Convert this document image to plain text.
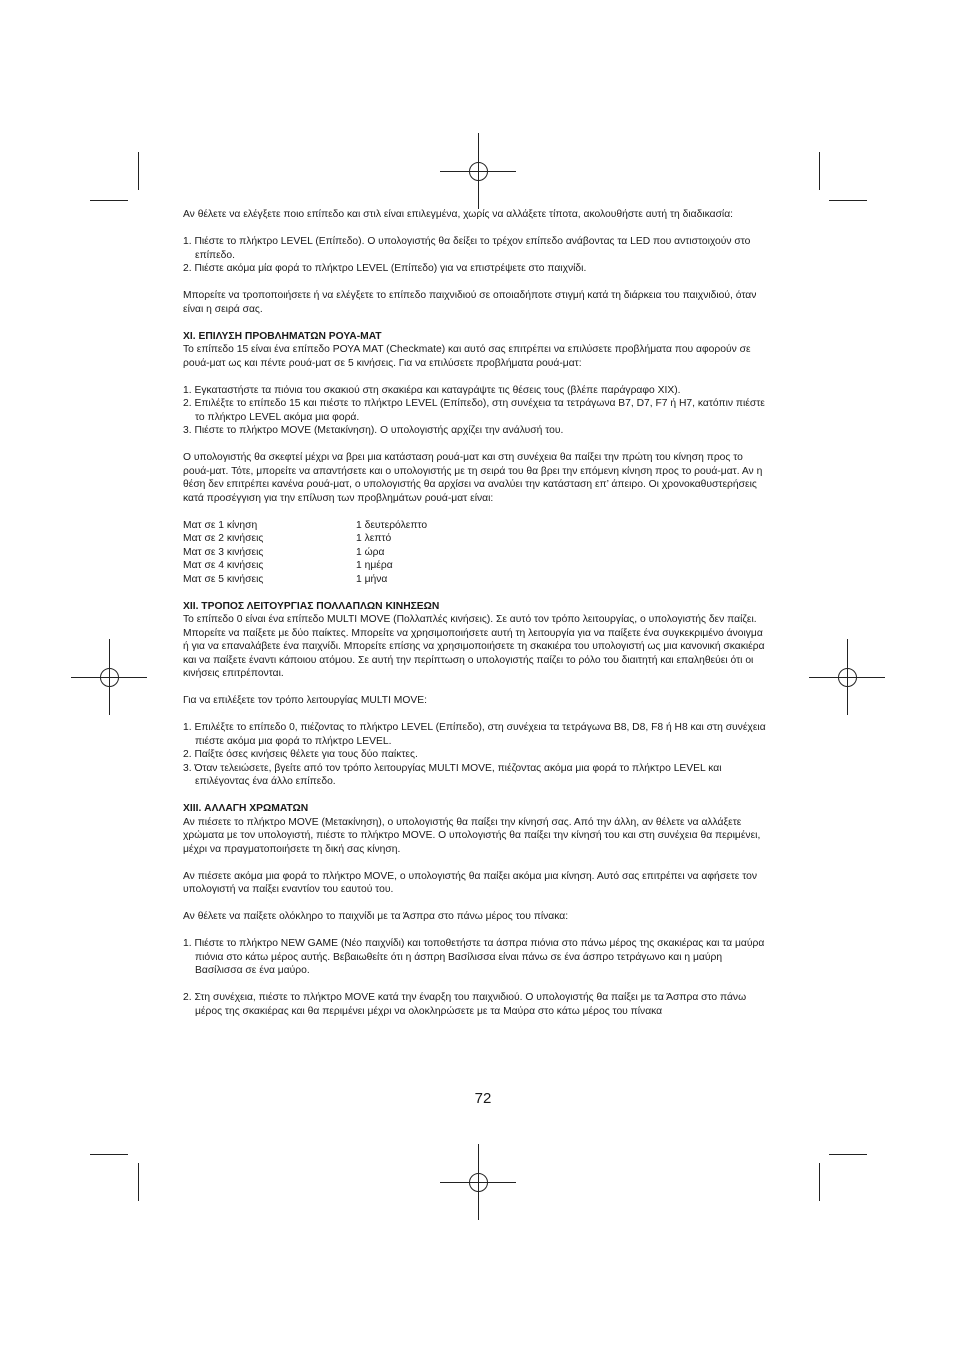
Αν θέλετε να ελέγξετε ποιο επίπεδο και στιλ είναι επιλεγμένα, χωρίς να αλλάξετε τίποτα, ακολουθήστε αυτή τη διαδικασία:

1. Πιέστε το πλήκτρο LEVEL (Επίπεδο). Ο υπολογιστής θα δείξει το τρέχον επίπεδο ανάβοντας τα LED που αντιστοιχούν στο επίπεδο.
2. Πιέστε ακόμα μία φορά το πλήκτρο LEVEL (Επίπεδο) για να επιστρέψετε στο παιχνίδι.

Μπορείτε να τροποποιήσετε ή να ελέγξετε το επίπεδο παιχνιδιού σε οποιαδήποτε στιγμή κατά τη διάρκεια του παιχνιδιού, όταν είναι η σειρά σας.

XI. ΕΠΙΛΥΣΗ ΠΡΟΒΛΗΜΑΤΩΝ ΡΟΥΑ-ΜΑΤ

Το επίπεδο 15 είναι ένα επίπεδο ΡΟΥΑ ΜΑΤ (Checkmate) και αυτό σας επιτρέπει να επιλύσετε προβλήματα που αφορούν σε ρουά-ματ ως και πέντε ρουά-ματ σε 5 κινήσεις. Για να επιλύσετε προβλήματα ρουά-ματ:

1. Εγκαταστήστε τα πιόνια του σκακιού στη σκακιέρα και καταγράψτε τις θέσεις τους (βλέπε παράγραφο XIX).
2. Επιλέξτε το επίπεδο 15 και πιέστε το πλήκτρο LEVEL (Επίπεδο), στη συνέχεια τα τετράγωνα B7, D7, F7 ή H7, κατόπιν πιέστε το πλήκτρο LEVEL ακόμα μια φορά.
3. Πιέστε το πλήκτρο MOVE (Μετακίνηση). Ο υπολογιστής αρχίζει την ανάλυσή του.

Ο υπολογιστής θα σκεφτεί μέχρι να βρει μια κατάσταση ρουά-ματ και στη συνέχεια θα παίξει την πρώτη του κίνηση προς το ρουά-ματ. Τότε, μπορείτε να απαντήσετε και ο υπολογιστής με τη σειρά του θα βρει την επόμενη κίνηση προς το ρουά-ματ. Αν η θέση δεν επιτρέπει κανένα ρουά-ματ, ο υπολογιστής θα αρχίσει να αναλύει την κατάσταση επ’ άπειρο. Οι χρονοκαθυστερήσεις κατά προσέγγιση για την επίλυση των προβλημάτων ρουά-ματ είναι:

Ματ σε 1 κίνηση	1 δευτερόλεπτο
Ματ σε 2 κινήσεις	1 λεπτό
Ματ σε 3 κινήσεις	1 ώρα
Ματ σε 4 κινήσεις	1 ημέρα
Ματ σε 5 κινήσεις	1 μήνα

XII. ΤΡΟΠΟΣ ΛΕΙΤΟΥΡΓΙΑΣ ΠΟΛΛΑΠΛΩΝ ΚΙΝΗΣΕΩΝ

Το επίπεδο 0 είναι ένα επίπεδο MULTI MOVE (Πολλαπλές κινήσεις). Σε αυτό τον τρόπο λειτουργίας, ο υπολογιστής δεν παίζει. Μπορείτε να παίξετε με δύο παίκτες. Μπορείτε να χρησιμοποιήσετε αυτή τη λειτουργία για να παίξετε ένα συγκεκριμένο άνοιγμα ή για να επαναλάβετε ένα παιχνίδι. Μπορείτε επίσης να χρησιμοποιήσετε τη σκακιέρα του υπολογιστή ως μια κανονική σκακιέρα και να παίξετε έναντι κάποιου ατόμου. Σε αυτή την περίπτωση ο υπολογιστής παίζει το ρόλο του διαιτητή και επαληθεύει ότι οι κινήσεις επιτρέπονται.

Για να επιλέξετε τον τρόπο λειτουργίας MULTI MOVE:

1. Επιλέξτε το επίπεδο 0, πιέζοντας το πλήκτρο LEVEL (Επίπεδο), στη συνέχεια τα τετράγωνα B8, D8, F8 ή H8 και στη συνέχεια πιέστε ακόμα μια φορά το πλήκτρο LEVEL.
2. Παίξτε όσες κινήσεις θέλετε για τους δύο παίκτες.
3. Όταν τελειώσετε, βγείτε από τον τρόπο λειτουργίας MULTI MOVE, πιέζοντας ακόμα μια φορά το πλήκτρο LEVEL και επιλέγοντας ένα άλλο επίπεδο.

XIII. ΑΛΛΑΓΗ ΧΡΩΜΑΤΩΝ

Αν πιέσετε το πλήκτρο MOVE (Μετακίνηση), ο υπολογιστής θα παίξει την κίνησή σας. Από την άλλη, αν θέλετε να αλλάξετε χρώματα με τον υπολογιστή, πιέστε το πλήκτρο MOVE. Ο υπολογιστής θα παίξει την κίνησή του και στη συνέχεια θα περιμένει, μέχρι να πραγματοποιήσετε τη δική σας κίνηση.

Αν πιέσετε ακόμα μια φορά το πλήκτρο MOVE, ο υπολογιστής θα παίξει ακόμα μια κίνηση. Αυτό σας επιτρέπει να αφήσετε τον υπολογιστή να παίξει εναντίον του εαυτού του.

Αν θέλετε να παίξετε ολόκληρο το παιχνίδι με τα Άσπρα στο πάνω μέρος του πίνακα:

1. Πιέστε το πλήκτρο NEW GAME (Νέο παιχνίδι) και τοποθετήστε τα άσπρα πιόνια στο πάνω μέρος της σκακιέρας και τα μαύρα πιόνια στο κάτω μέρος αυτής. Βεβαιωθείτε ότι η άσπρη Βασίλισσα είναι πάνω σε ένα άσπρο τετράγωνο και η μαύρη Βασίλισσα σε ένα μαύρο.
2. Στη συνέχεια, πιέστε το πλήκτρο MOVE κατά την έναρξη του παιχνιδιού. Ο υπολογιστής θα παίξει με τα Άσπρα στο πάνω μέρος της σκακιέρας και θα περιμένει μέχρι να ολοκληρώσετε με τα Μαύρα στο κάτω μέρος του πίνακα
72
